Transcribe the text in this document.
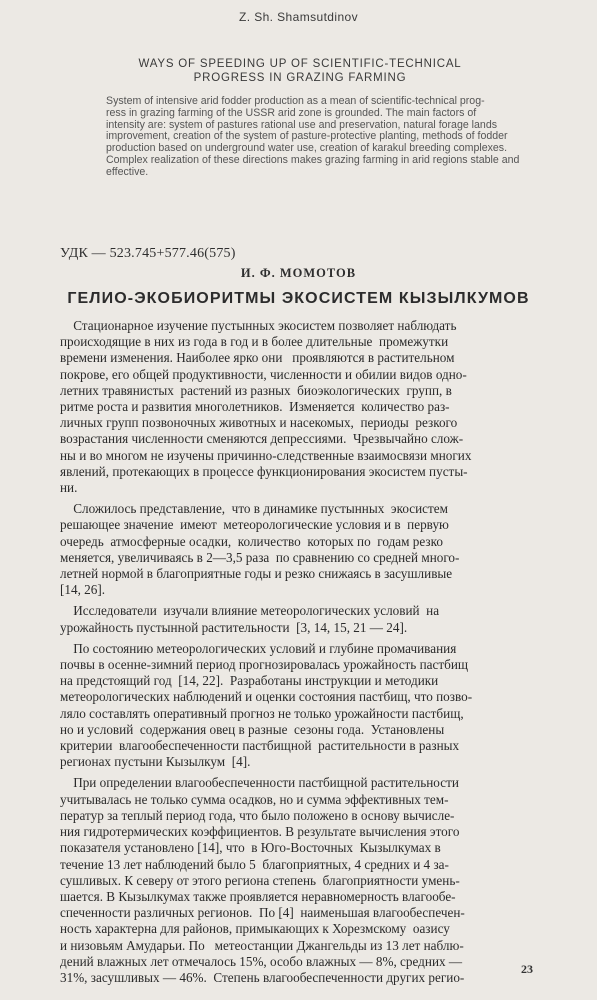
Z. Sh. Shamsutdinov
WAYS OF SPEEDING UP OF SCIENTIFIC-TECHNICAL
PROGRESS IN GRAZING FARMING
System of intensive arid fodder production as a mean of scientific-technical prog-
ress in grazing farming of the USSR arid zone is grounded. The main factors of
intensity are: system of pastures rational use and preservation, natural forage lands
improvement, creation of the system of pasture-protective planting, methods of fodder
production based on underground water use, creation of karakul breeding complexes.
Complex realization of these directions makes grazing farming in arid regions stable and
effective.
УДК — 523.745+577.46(575)
И. Ф. МОМОТОВ
ГЕЛИО-ЭКОБИОРИТМЫ ЭКОСИСТЕМ КЫЗЫЛКУМОВ
Стационарное изучение пустынных экосистем позволяет наблюдать
происходящие в них из года в год и в более длительные  промежутки
времени изменения. Наиболее ярко они   проявляются в растительном
покрове, его общей продуктивности, численности и обилии видов одно-
летних травянистых  растений из разных  биоэкологических  групп, в
ритме роста и развития многолетников.  Изменяется  количество раз-
личных групп позвоночных животных и насекомых,  периоды  резкого
возрастания численности сменяются депрессиями.  Чрезвычайно слож-
ны и во многом не изучены причинно-следственные взаимосвязи многих
явлений, протекающих в процессе функционирования экосистем пусты-
ни.
Сложилось представление,  что в динамике пустынных  экосистем
решающее значение  имеют  метеорологические условия и в  первую
очередь  атмосферные осадки,  количество  которых по  годам резко
меняется, увеличиваясь в 2—3,5 раза  по сравнению со средней много-
летней нормой в благоприятные годы и резко снижаясь в засушливые
[14, 26].
Исследователи  изучали влияние метеорологических условий  на
урожайность пустынной растительности  [3, 14, 15, 21 — 24].
По состоянию метеорологических условий и глубине промачивания
почвы в осенне-зимний период прогнозировалась урожайность пастбищ
на предстоящий год  [14, 22].  Разработаны инструкции и методики
метеорологических наблюдений и оценки состояния пастбищ, что позво-
ляло составлять оперативный прогноз не только урожайности пастбищ,
но и условий  содержания овец в разные  сезоны года.  Установлены
критерии  влагообеспеченности пастбищной  растительности в разных
регионах пустыни Кызылкум  [4].
При определении влагообеспеченности пастбищной растительности
учитывалась не только сумма осадков, но и сумма эффективных тем-
ператур за теплый период года, что было положено в основу вычисле-
ния гидротермических коэффициентов. В результате вычисления этого
показателя установлено [14], что  в Юго-Восточных  Кызылкумах в
течение 13 лет наблюдений было 5  благоприятных, 4 средних и 4 за-
сушливых. К северу от этого региона степень  благоприятности умень-
шается. В Кызылкумах также проявляется неравномерность влагообе-
спеченности различных регионов.  По [4]  наименьшая влагообеспечен-
ность характерна для районов, примыкающих к Хорезмскому  оазису
и низовьям Амударьи. По   метеостанции Джангельды из 13 лет наблю-
дений влажных лет отмечалось 15%, особо влажных — 8%, средних —
31%, засушливых — 46%.  Степень влагообеспеченности других регио-
23
